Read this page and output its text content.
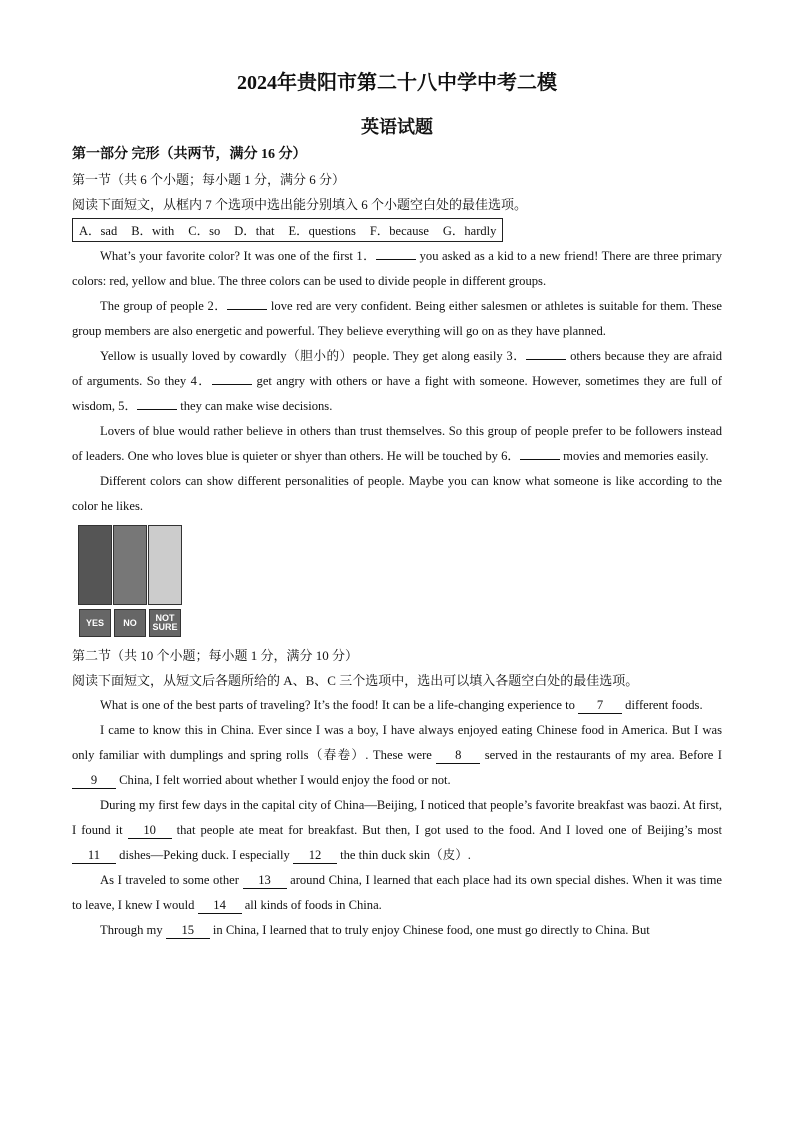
2024年贵阳市第二十八中学中考二模
英语试题
第一部分 完形（共两节，满分 16 分）
第一节（共 6 个小题；每小题 1 分，满分 6 分）
阅读下面短文，从框内 7 个选项中选出能分别填入 6 个小题空白处的最佳选项。
A．sad B．with C．so D．that E．questions F．because G．hardly

What’s your favorite color? It was one of the first 1．	you asked as a kid to a new friend! There are three primary colors: red, yellow and blue. The three colors can be used to divide people in different groups.

The group of people 2．	love red are very confident. Being either salesmen or athletes is suitable for them. These group members are also energetic and powerful. They believe everything will go on as they have planned.

Yellow is usually loved by cowardly（胆小的）people. They get along easily 3．	others because they are afraid of arguments. So they 4．	get angry with others or have a fight with someone. However, sometimes they are full of wisdom, 5．	they can make wise decisions.

Lovers of blue would rather believe in others than trust themselves. So this group of people prefer to be followers instead of leaders. One who loves blue is quieter or shyer than others. He will be touched by 6．	movies and memories easily.

Different colors can show different personalities of people. Maybe you can know what someone is like according to the color he likes.

YES	NO	NOT SURE
第二节（共 10 个小题；每小题 1 分，满分 10 分）
阅读下面短文，从短文后各题所给的 A、B、C 三个选项中，选出可以填入各题空白处的最佳选项。

What is one of the best parts of traveling? It’s the food! It can be a life-changing experience to 7 different foods.

I came to know this in China. Ever since I was a boy, I have always enjoyed eating Chinese food in America. But I was only familiar with dumplings and spring rolls（春卷）. These were 8 served in the restaurants of my area. Before I 9 China, I felt worried about whether I would enjoy the food or not.

During my first few days in the capital city of China—Beijing, I noticed that people’s favorite breakfast was baozi. At first, I found it 10 that people ate meat for breakfast. But then, I got used to the food. And I loved one of Beijing’s most 11 dishes—Peking duck. I especially 12 the thin duck skin（皮）.

As I traveled to some other 13 around China, I learned that each place had its own special dishes. When it was time to leave, I knew I would 14 all kinds of foods in China.

Through my 15 in China, I learned that to truly enjoy Chinese food, one must go directly to China. But
